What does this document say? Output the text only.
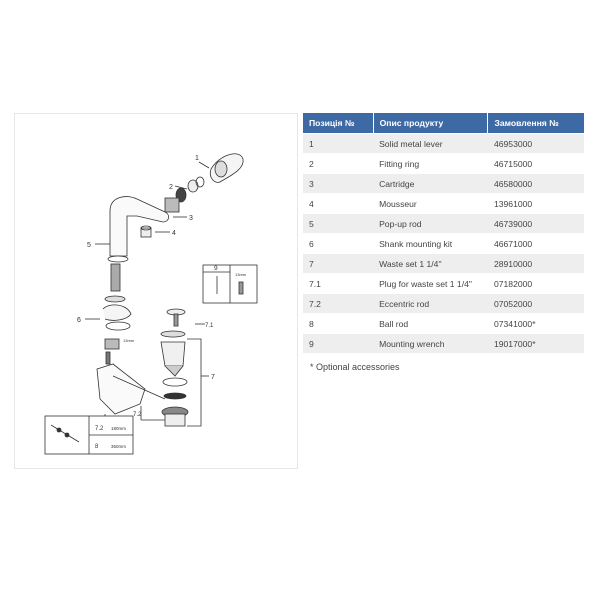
1
2
3
4
5
6
7
7.1
7.2
9
13mm
13mm
7.2 180mm
8	350mm
Позиція №	Опис продукту	Замовлення №
1	Solid metal lever	46953000
2	Fitting ring	46715000
3	Cartridge	46580000
4	Mousseur	13961000
5	Pop-up rod	46739000
6	Shank mounting kit	46671000
7	Waste set 1 1/4"	28910000
7.1	Plug for waste set 1 1/4"	07182000
7.2	Eccentric rod	07052000
8	Ball rod	07341000*
9	Mounting wrench	19017000*
* Optional accessories
